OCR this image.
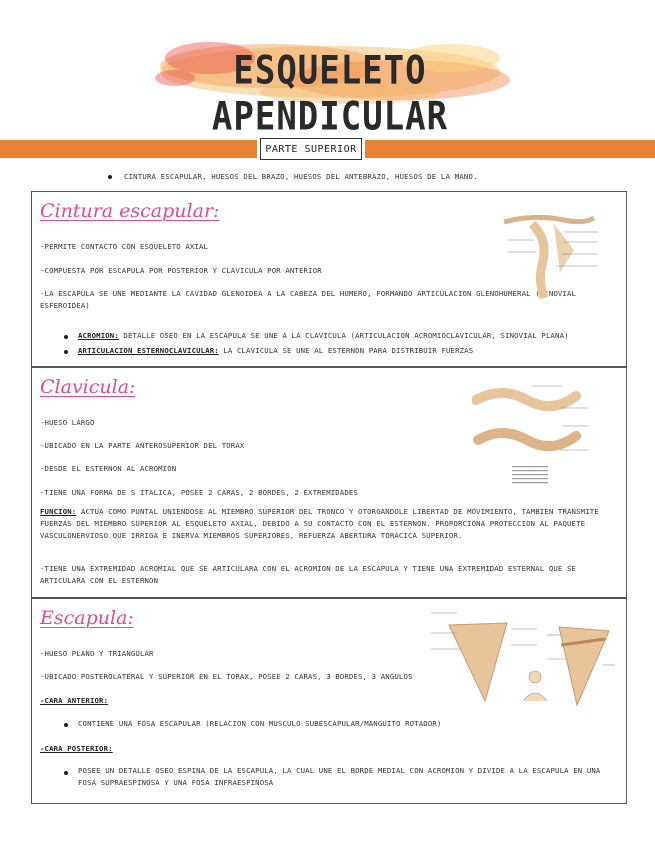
ESQUELETO APENDICULAR
PARTE SUPERIOR
CINTURA ESCAPULAR, HUESOS DEL BRAZO, HUESOS DEL ANTEBRAZO, HUESOS DE LA MANO.
Cintura escapular:
-PERMITE CONTACTO CON ESQUELETO AXIAL
-COMPUESTA POR ESCAPULA POR POSTERIOR Y CLAVICULA POR ANTERIOR
-LA ESCAPULA SE UNE MEDIANTE LA CAVIDAD GLENOIDEA A LA CABEZA DEL HUMERO, FORMANDO ARTICULACION GLENOHUMERAL (SINOVIAL ESFEROIDEA)
ACROMION: DETALLE OSEO EN LA ESCAPULA SE UNE A LA CLAVICULA (ARTICULACION ACROMIOCLAVICULAR, SINOVIAL PLANA)
ARTICULACION ESTERNOCLAVICULAR: LA CLAVICULA SE UNE AL ESTERNON PARA DISTRIBUIR FUERZAS
Clavicula:
-HUESO LARGO
-UBICADO EN LA PARTE ANTEROSUPERIOR DEL TORAX
-DESDE EL ESTERNON AL ACROMION
-TIENE UNA FORMA DE S ITALICA, POSEE 2 CARAS, 2 BORDES, 2 EXTREMIDADES
FUNCION: ACTUA COMO PUNTAL UNIENDOSE AL MIEMBRO SUPERIOR DEL TRONCO Y OTORGANDOLE LIBERTAD DE MOVIMIENTO, TAMBIEN TRANSMITE FUERZAS DEL MIEMBRO SUPERIOR AL ESQUELETO AXIAL, DEBIDO A SU CONTACTO CON EL ESTERNON. PROPORCIONA PROTECCION AL PAQUETE VASCULONERVIOSO QUE IRRIGA E INERVA MIEMBROS SUPERIORES, REFUERZA ABERTURA TORACICA SUPERIOR.
-TIENE UNA EXTREMIDAD ACROMIAL QUE SE ARTICULARA CON EL ACROMION DE LA ESCAPULA Y TIENE UNA EXTREMIDAD ESTERNAL QUE SE ARTICULARA CON EL ESTERNON
Escapula:
-HUESO PLANO Y TRIANGULAR
-UBICADO POSTEROLATERAL Y SUPERIOR EN EL TORAX, POSEE 2 CARAS, 3 BORDES, 3 ANGULOS
-CARA ANTERIOR:
CONTIENE UNA FOSA ESCAPULAR (RELACION CON MUSCULO SUBESCAPULAR/MANGUITO ROTADOR)
-CARA POSTERIOR:
POSEE UN DETALLE OSEO ESPINA DE LA ESCAPULA, LA CUAL UNE EL BORDE MEDIAL CON ACROMION Y DIVIDE A LA ESCAPULA EN UNA FOSA SUPRAESPINOSA Y UNA FOSA INFRAESPINOSA
